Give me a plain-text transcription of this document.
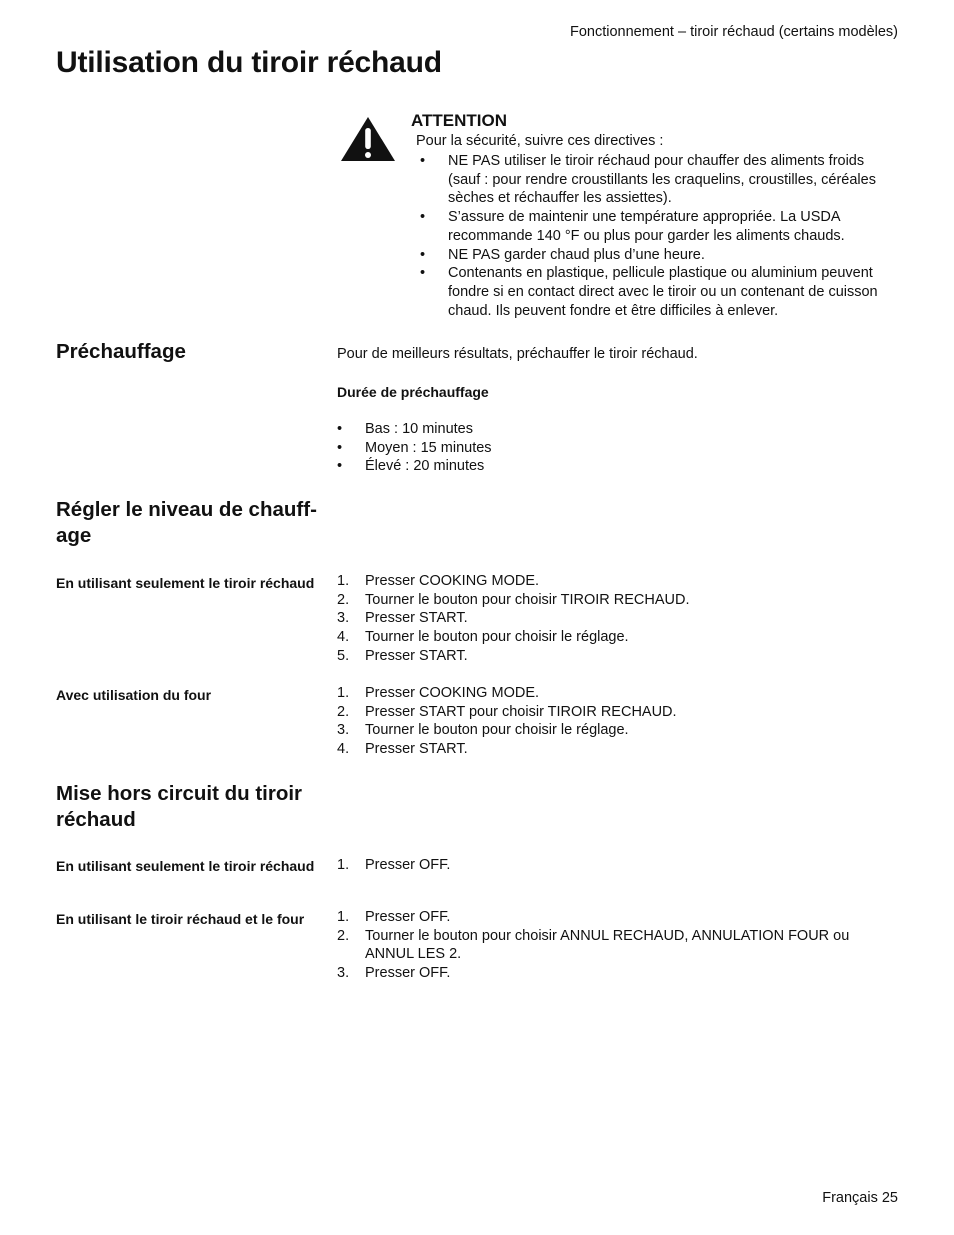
Fonctionnement – tiroir réchaud (certains modèles)
Utilisation du tiroir réchaud
ATTENTION
Pour la sécurité, suivre ces directives :
• NE PAS utiliser le tiroir réchaud pour chauffer des aliments froids (sauf : pour rendre croustillants les craquelins, croustilles, céréales sèches et réchauffer les assiettes).
• S’assure de maintenir une température appropriée. La USDA recommande 140 °F ou plus pour garder les aliments chauds.
• NE PAS garder chaud plus d’une heure.
• Contenants en plastique, pellicule plastique ou aluminium peuvent fondre si en contact direct avec le tiroir ou un contenant de cuisson chaud. Ils peuvent fondre et être difficiles à enlever.
Préchauffage	Pour de meilleurs résultats, préchauffer le tiroir réchaud.
Durée de préchauffage
• Bas : 10 minutes
• Moyen : 15 minutes
• Élevé : 20 minutes
Régler le niveau de chauffage
En utilisant seulement le tiroir réchaud	1.	Presser COOKING MODE.
2.	Tourner le bouton pour choisir TIROIR RECHAUD.
3.	Presser START.
4.	Tourner le bouton pour choisir le réglage.
5.	Presser START.
Avec utilisation du four	1.	Presser COOKING MODE.
2.	Presser START pour choisir TIROIR RECHAUD.
3.	Tourner le bouton pour choisir le réglage.
4.	Presser START.
Mise hors circuit du tiroir réchaud
En utilisant seulement le tiroir réchaud	1.	Presser OFF.
En utilisant le tiroir réchaud et le four	1.	Presser OFF.
2.	Tourner le bouton pour choisir ANNUL RECHAUD, ANNULATION FOUR ou ANNUL LES 2.
3.	Presser OFF.
Français 25
